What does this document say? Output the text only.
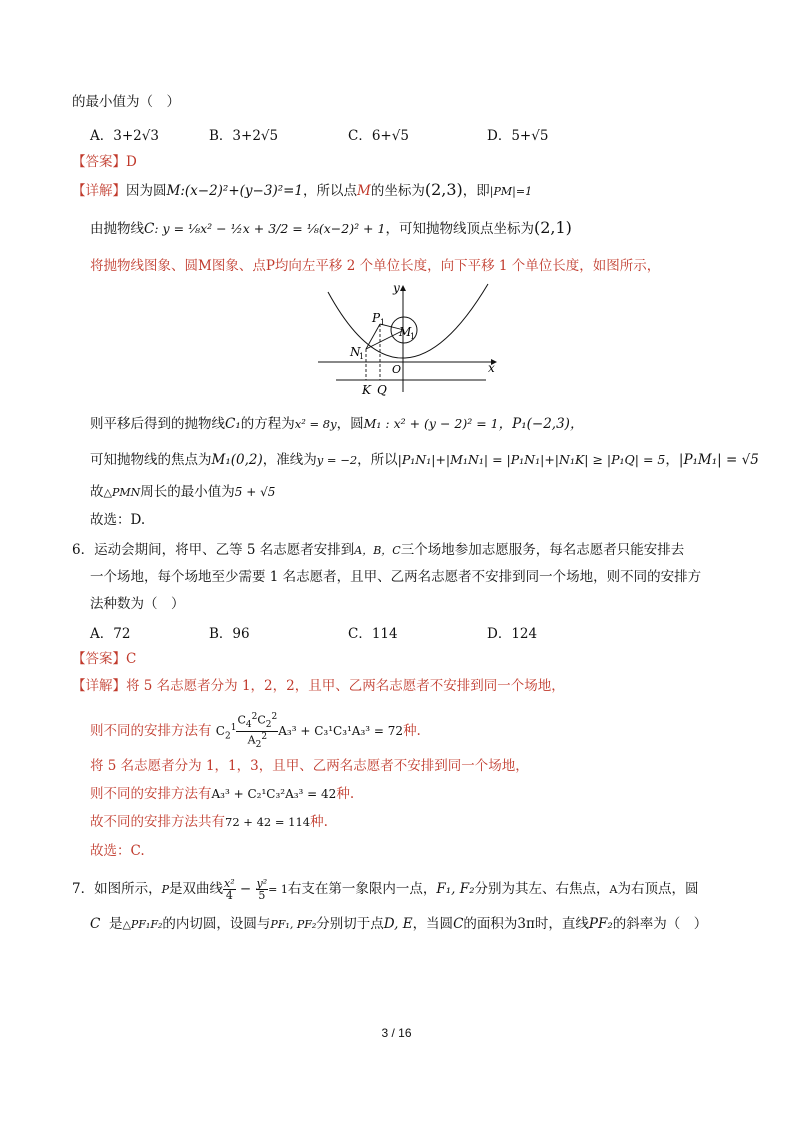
的最小值为（　）
A．3+2√3	B．3+2√5	C．6+√5	D．5+√5
【答案】D
【详解】因为圆M:(x−2)²+(y−3)²=1，所以点M的坐标为(2,3)，即|PM|=1
由抛物线C: y = ⅛x² − ½x + 3/2 = ⅛(x−2)² + 1，可知抛物线顶点坐标为(2,1)
将抛物线图象、圆M图象、点P均向左平移 2 个单位长度，向下平移 1 个单位长度，如图所示，
y
x
O
P 1
M
1
N
1
K Q
则平移后得到的抛物线C₁的方程为x² = 8y，圆M₁ : x² + (y − 2)² = 1，P₁(−2,3)，
可知抛物线的焦点为M₁(0,2)，准线为y = −2，所以|P₁N₁|+|M₁N₁| = |P₁N₁|+|N₁K| ≥ |P₁Q| = 5，|P₁M₁| = √5
故△PMN周长的最小值为5 + √5
故选：D.
6．运动会期间，将甲、乙等 5 名志愿者安排到A，B，C三个场地参加志愿服务，每名志愿者只能安排去
一个场地，每个场地至少需要 1 名志愿者，且甲、乙两名志愿者不安排到同一个场地，则不同的安排方
法种数为（　）
A．72	B．96	C．114	D．124
【答案】C
【详解】将 5 名志愿者分为 1，2，2，且甲、乙两名志愿者不安排到同一个场地，
则不同的安排方法有 $C_2^1 \frac{C_4^2C_2^2}{A_2^2} A_3^3 + C_3^1C_3^1A_3^3 = 72$种.
将 5 名志愿者分为 1，1，3，且甲、乙两名志愿者不安排到同一个场地，
则不同的安排方法有A₃³ + C₂¹C₃²A₃³ = 42种.
故不同的安排方法共有72 + 42 = 114种.
故选：C.
7．如图所示，P是双曲线 $\frac{\text{x²}}{4} - \frac{\text{y²}}{5} = 1$右支在第一象限内一点，F₁, F₂分别为其左、右焦点，A为右顶点，圆
C 是△PF₁F₂的内切圆，设圆与PF₁, PF₂分别切于点D, E，当圆C的面积为3π时，直线PF₂的斜率为（　）
3 / 16
